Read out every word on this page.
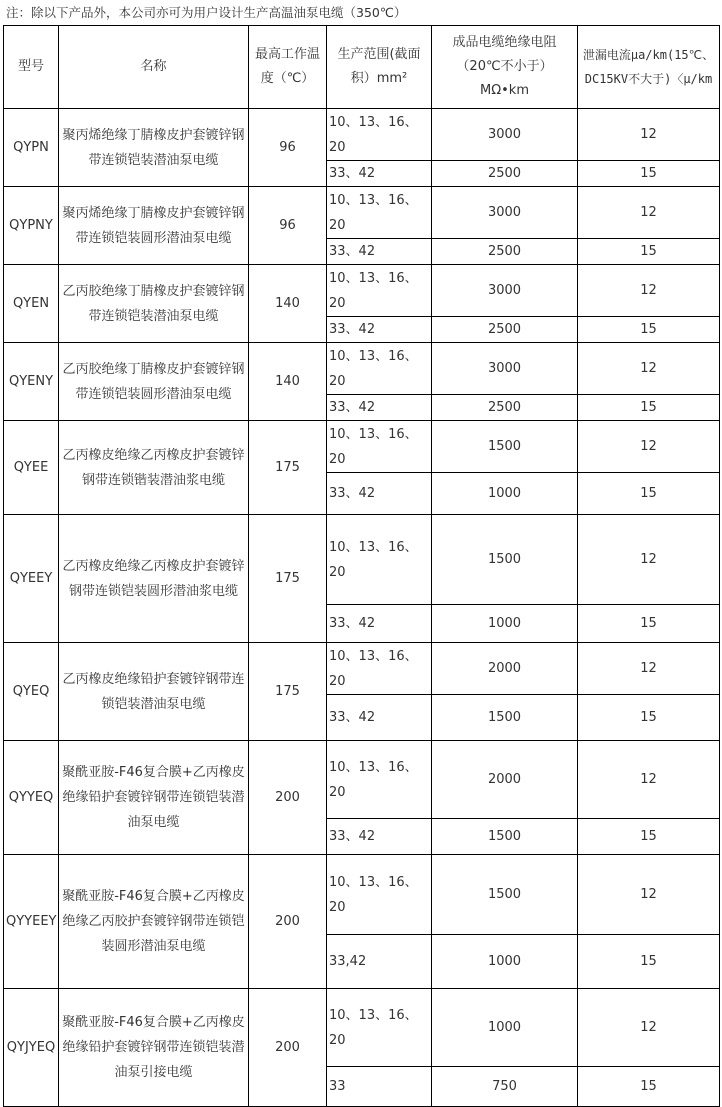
注：除以下产品外，本公司亦可为用户设计生产高温油泵电缆（350℃）
型号	名称	最高工作温度（℃）	生产范围(截面积）mm²	成品电缆绝缘电阻（20℃不小于）MΩ•km	泄漏电流μa/km(15℃、DC15KV不大于)〈μ/km
QYPN	聚丙烯绝缘丁腈橡皮护套镀锌钢带连锁铠装潜油泵电缆	96	10、13、16、20	3000	12
			33、42	2500	15
QYPNY	聚丙烯绝缘丁腈橡皮护套镀锌钢带连锁铠装圆形潜油泵电缆	96	10、13、16、20	3000	12
			33、42	2500	15
QYEN	乙丙胶绝缘丁腈橡皮护套镀锌钢带连锁铠装潜油泵电缆	140	10、13、16、20	3000	12
			33、42	2500	15
QYENY	乙丙胶绝缘丁腈橡皮护套镀锌钢带连锁铠装圆形潜油泵电缆	140	10、13、16、20	3000	12
			33、42	2500	15
QYEE	乙丙橡皮绝缘乙丙橡皮护套镀锌钢带连锁锴装潜油浆电缆	175	10、13、16、20	1500	12
			33、42	1000	15
QYEEY	乙丙橡皮绝缘乙丙橡皮护套镀锌钢带连锁铠装圆形潜油浆电缆	175	10、13、16、20	1500	12
			33、42	1000	15
QYEQ	乙丙橡皮绝缘铅护套镀锌钢带连锁铠装潜油泵电缆	175	10、13、16、20	2000	12
			33、42	1500	15
QYYEQ	聚酰亚胺-F46复合膜+乙丙橡皮绝缘铅护套镀锌钢带连锁铠装潜油泵电缆	200	10、13、16、20	2000	12
			33、42	1500	15
QYYEEY	聚酰亚胺-F46复合膜+乙丙橡皮绝缘乙丙胶护套镀锌钢带连锁铠装圆形潜油泵电缆	200	10、13、16、20	1500	12
			33,42	1000	15
QYJYEQ	聚酰亚胺-F46复合膜+乙丙橡皮绝缘铅护套镀锌钢带连锁铠装潜油泵引接电缆	200	10、13、16、20	1000	12
			33	750	15
